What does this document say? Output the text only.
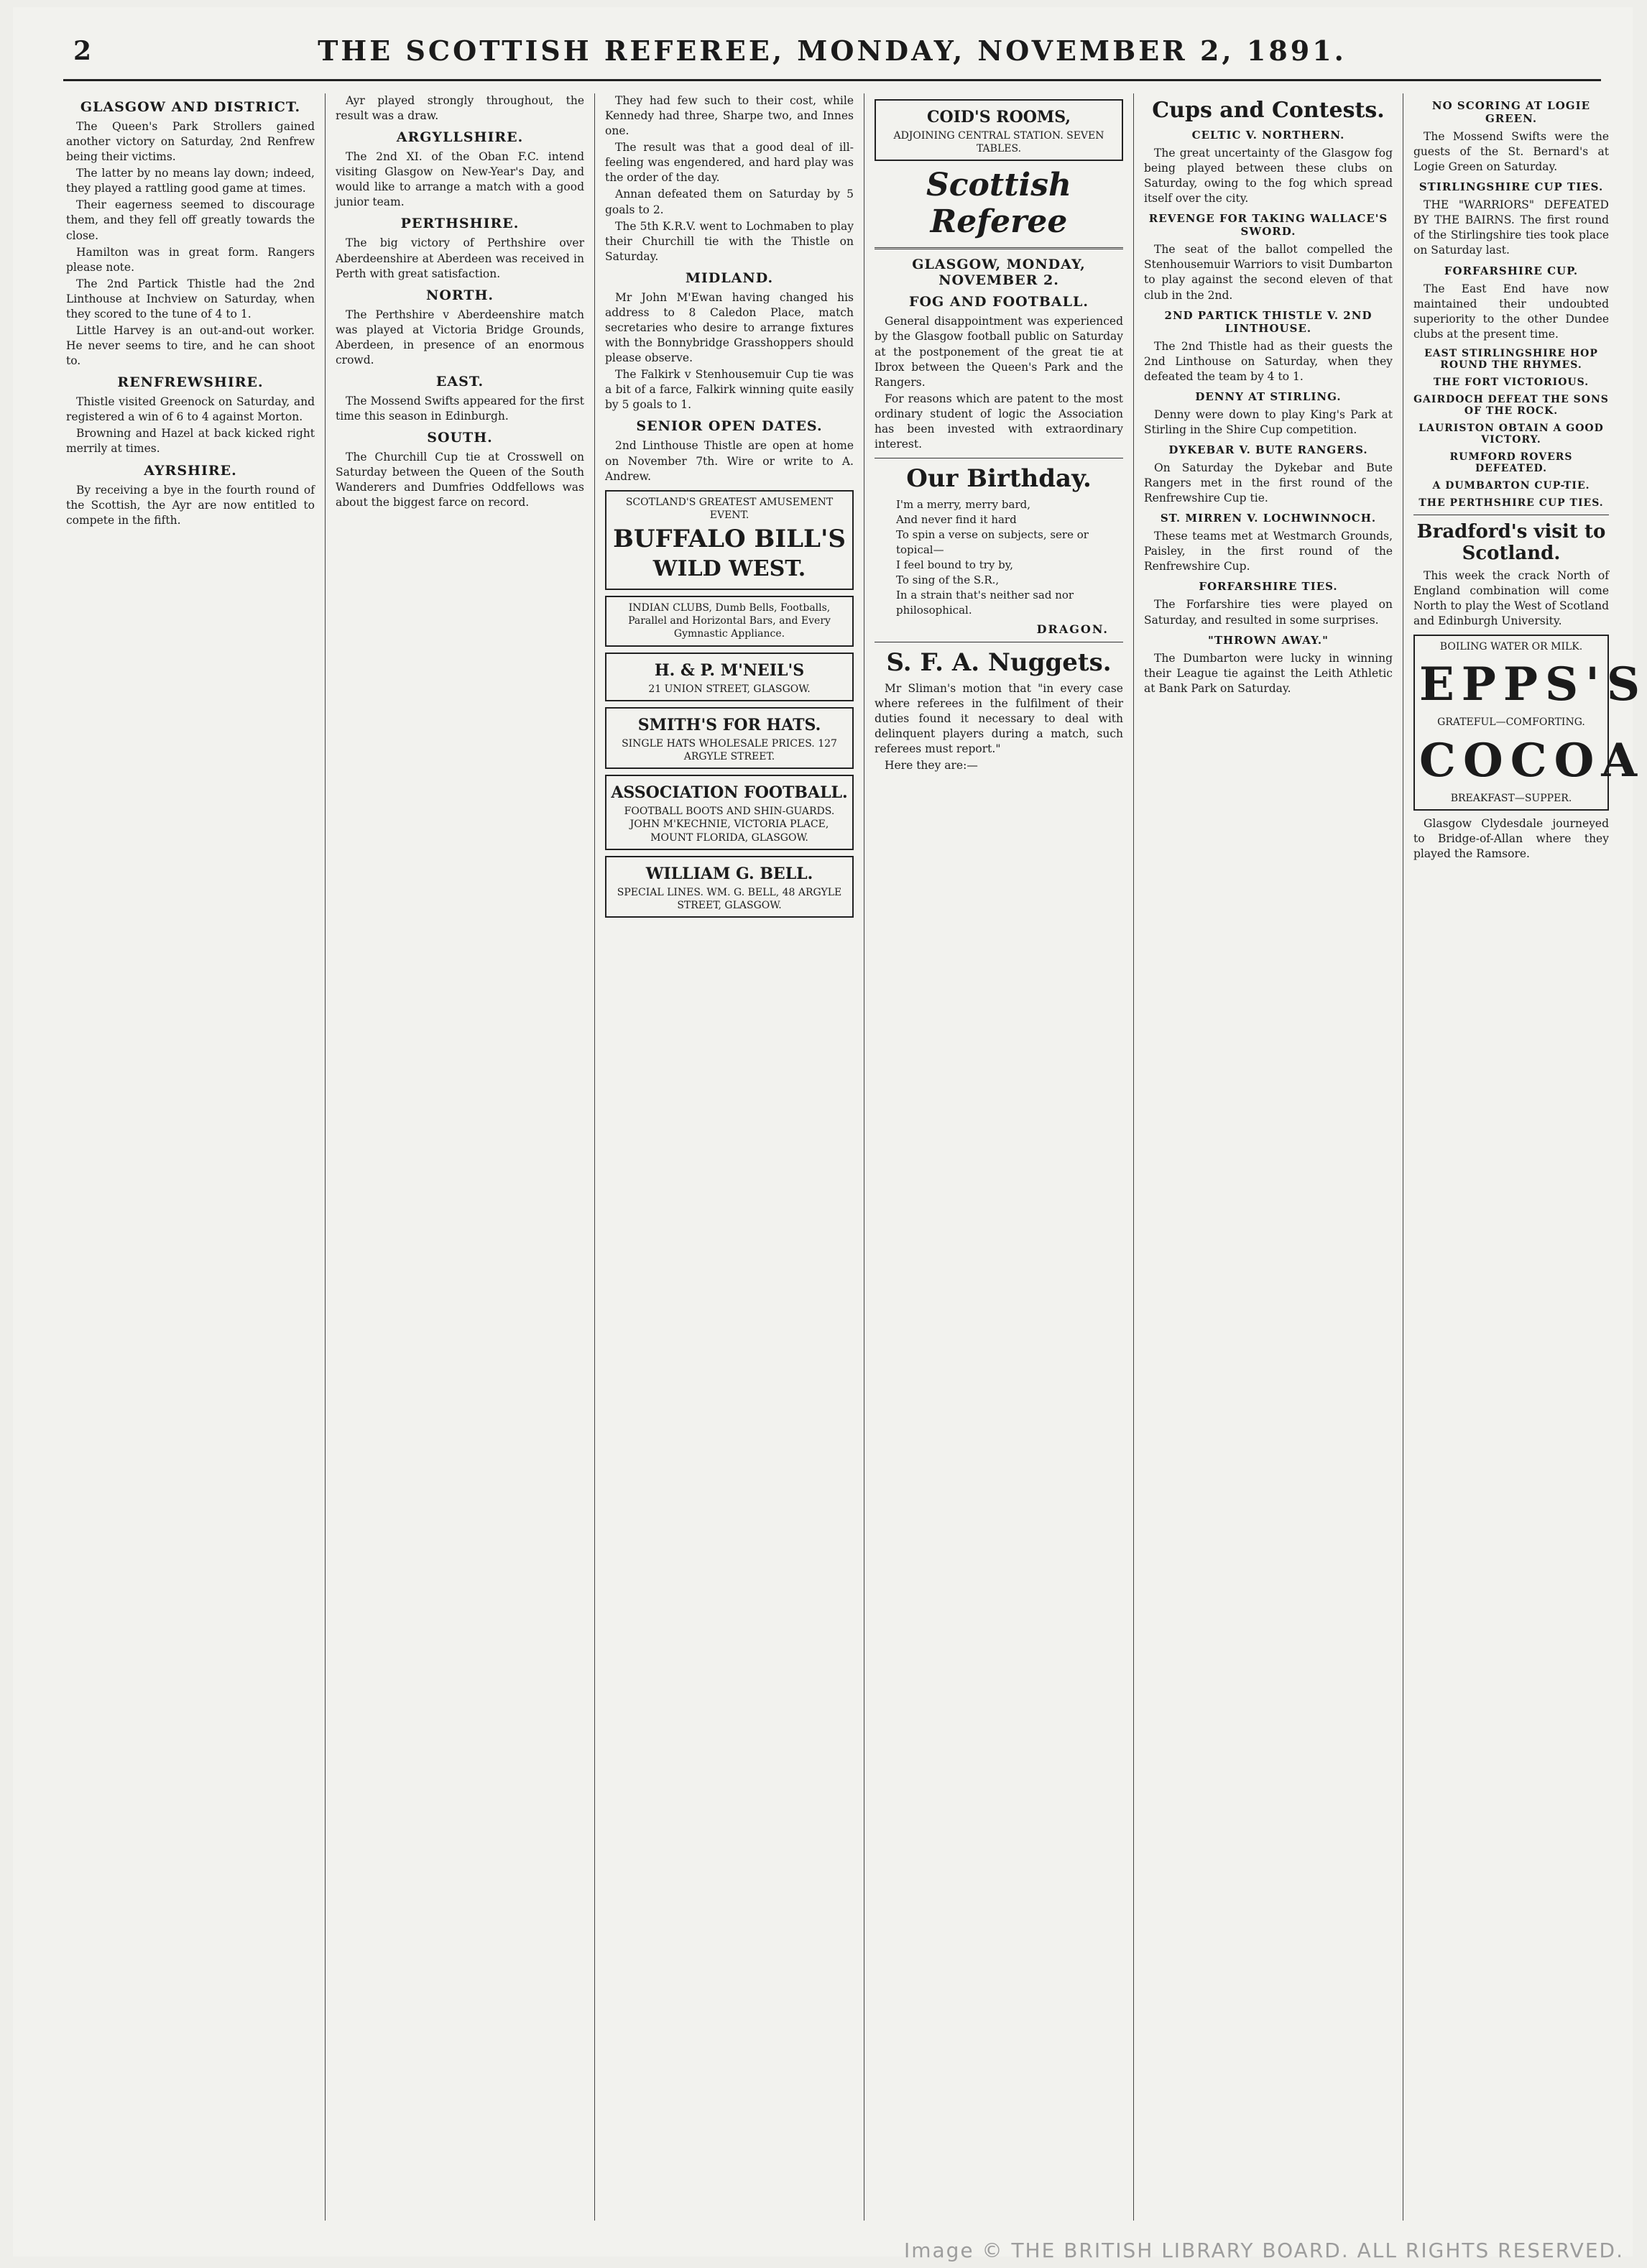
2	THE SCOTTISH REFEREE, MONDAY, NOVEMBER 2, 1891.
GLASGOW AND DISTRICT.

The Queen's Park Strollers gained another victory on Saturday, 2nd Renfrew being their victims.

The latter by no means lay down; indeed, they played a rattling good game at times.

Their eagerness seemed to discourage them, and they fell off greatly towards the close.

Hamilton was in great form. Rangers please note.

The 2nd Partick Thistle had the 2nd Linthouse at Inchview on Saturday, when they scored to the tune of 4 to 1.

Little Harvey is an out-and-out worker. He never seems to tire, and he can shoot to.

RENFREWSHIRE.

Thistle visited Greenock on Saturday, and registered a win of 6 to 4 against Morton.

Browning and Hazel at back kicked right merrily at times.

AYRSHIRE.

By receiving a bye in the fourth round of the Scottish, the Ayr are now entitled to compete in the fifth.

Ayr played strongly throughout, the result was a draw.

ARGYLLSHIRE.

The 2nd XI. of the Oban F.C. intend visiting Glasgow on New-Year's Day, and would like to arrange a match with a good junior team.

PERTHSHIRE.

The big victory of Perthshire over Aberdeenshire at Aberdeen was received in Perth with great satisfaction.

NORTH.

The Perthshire v Aberdeenshire match was played at Victoria Bridge Grounds, Aberdeen, in presence of an enormous crowd.

EAST.

The Mossend Swifts appeared for the first time this season in Edinburgh.

SOUTH.

The Churchill Cup tie at Crosswell on Saturday between the Queen of the South Wanderers and Dumfries Oddfellows was about the biggest farce on record.

They had few such to their cost, while Kennedy had three, Sharpe two, and Innes one.

The result was that a good deal of ill-feeling was engendered, and hard play was the order of the day.

Annan defeated them on Saturday by 5 goals to 2.

The 5th K.R.V. went to Lochmaben to play their Churchill tie with the Thistle on Saturday.

MIDLAND.

Mr John M'Ewan having changed his address to 8 Caledon Place, match secretaries who desire to arrange fixtures with the Bonnybridge Grasshoppers should please observe.

The Falkirk v Stenhousemuir Cup tie was a bit of a farce, Falkirk winning quite easily by 5 goals to 1.

SENIOR OPEN DATES.

2nd Linthouse Thistle are open at home on November 7th. Wire or write to A. Andrew.

SCOTLAND'S GREATEST AMUSEMENT EVENT.
BUFFALO BILL'S
WILD WEST.
INDIAN CLUBS, Dumb Bells, Footballs, Parallel and Horizontal Bars, and Every Gymnastic Appliance.
H. & P. M'NEIL'S
21 UNION STREET, GLASGOW.
SMITH'S FOR HATS.
SINGLE HATS WHOLESALE PRICES. 127 ARGYLE STREET.
ASSOCIATION FOOTBALL.
FOOTBALL BOOTS AND SHIN-GUARDS. JOHN M'KECHNIE, VICTORIA PLACE, MOUNT FLORIDA, GLASGOW.
WILLIAM G. BELL.
SPECIAL LINES. WM. G. BELL, 48 ARGYLE STREET, GLASGOW.
COID'S ROOMS,
ADJOINING CENTRAL STATION. SEVEN TABLES.
Scottish Referee
GLASGOW, MONDAY, NOVEMBER 2.
FOG AND FOOTBALL.

General disappointment was experienced by the Glasgow football public on Saturday at the postponement of the great tie at Ibrox between the Queen's Park and the Rangers.

For reasons which are patent to the most ordinary student of logic the Association has been invested with extraordinary interest.

Our Birthday.
I'm a merry, merry bard,
And never find it hard
To spin a verse on subjects, sere or topical—
I feel bound to try by,
To sing of the S.R.,
In a strain that's neither sad nor philosophical.
DRAGON.
S. F. A. Nuggets.

Mr Sliman's motion that "in every case where referees in the fulfilment of their duties found it necessary to deal with delinquent players during a match, such referees must report."

Here they are:—

Cups and Contests.
CELTIC V. NORTHERN.

The great uncertainty of the Glasgow fog being played between these clubs on Saturday, owing to the fog which spread itself over the city.

REVENGE FOR TAKING WALLACE'S SWORD.

The seat of the ballot compelled the Stenhousemuir Warriors to visit Dumbarton to play against the second eleven of that club in the 2nd.

2ND PARTICK THISTLE V. 2ND LINTHOUSE.

The 2nd Thistle had as their guests the 2nd Linthouse on Saturday, when they defeated the team by 4 to 1.

DENNY AT STIRLING.

Denny were down to play King's Park at Stirling in the Shire Cup competition.

DYKEBAR V. BUTE RANGERS.

On Saturday the Dykebar and Bute Rangers met in the first round of the Renfrewshire Cup tie.

ST. MIRREN V. LOCHWINNOCH.

These teams met at Westmarch Grounds, Paisley, in the first round of the Renfrewshire Cup.

FORFARSHIRE TIES.

The Forfarshire ties were played on Saturday, and resulted in some surprises.

"THROWN AWAY."

The Dumbarton were lucky in winning their League tie against the Leith Athletic at Bank Park on Saturday.

NO SCORING AT LOGIE GREEN.

The Mossend Swifts were the guests of the St. Bernard's at Logie Green on Saturday.

STIRLINGSHIRE CUP TIES.

THE "WARRIORS" DEFEATED BY THE BAIRNS. The first round of the Stirlingshire ties took place on Saturday last.

FORFARSHIRE CUP.

The East End have now maintained their undoubted superiority to the other Dundee clubs at the present time.

EAST STIRLINGSHIRE HOP ROUND THE RHYMES.
THE FORT VICTORIOUS.
GAIRDOCH DEFEAT THE SONS OF THE ROCK.
LAURISTON OBTAIN A GOOD VICTORY.
RUMFORD ROVERS DEFEATED.
A DUMBARTON CUP-TIE.
THE PERTHSHIRE CUP TIES.
Bradford's visit to Scotland.

This week the crack North of England combination will come North to play the West of Scotland and Edinburgh University.

BOILING WATER OR MILK.
EPPS'S
GRATEFUL—COMFORTING.
COCOA
BREAKFAST—SUPPER.

Glasgow Clydesdale journeyed to Bridge-of-Allan where they played the Ramsore.

Image © THE BRITISH LIBRARY BOARD. ALL RIGHTS RESERVED.
